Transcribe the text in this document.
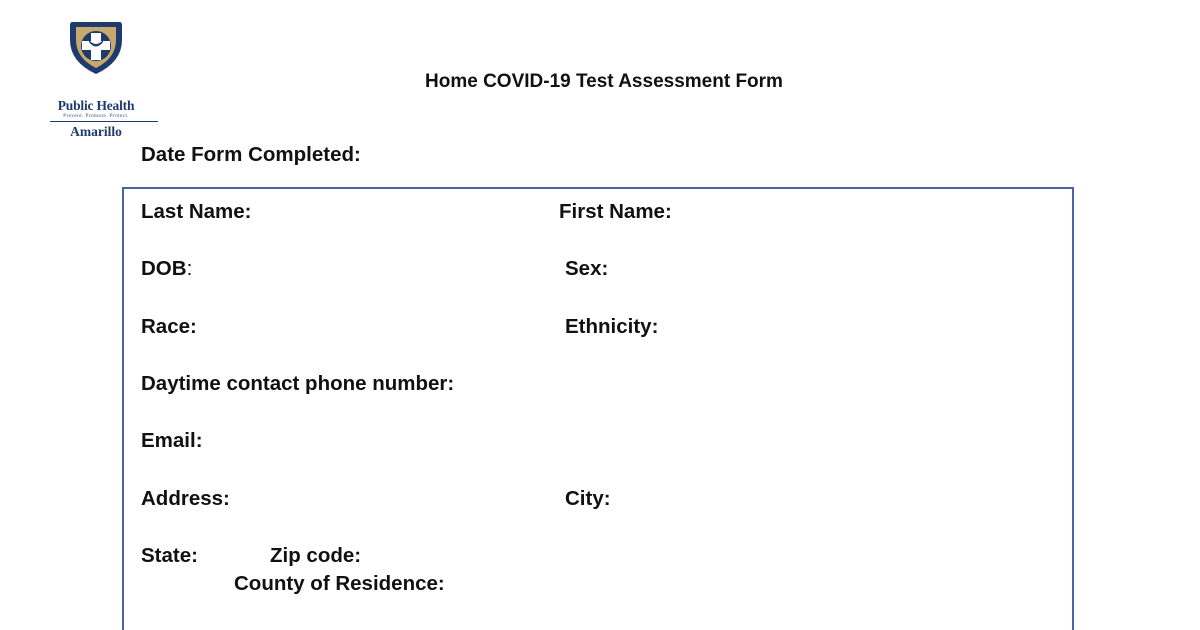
Public Health
Prevent. Promote. Protect.
Amarillo
Home COVID-19 Test Assessment Form
Date Form Completed:
Last Name:	First Name:
DOB:	Sex:
Race:	Ethnicity:
Daytime contact phone number:
Email:
Address:	City:
State:	Zip code:
County of Residence:
